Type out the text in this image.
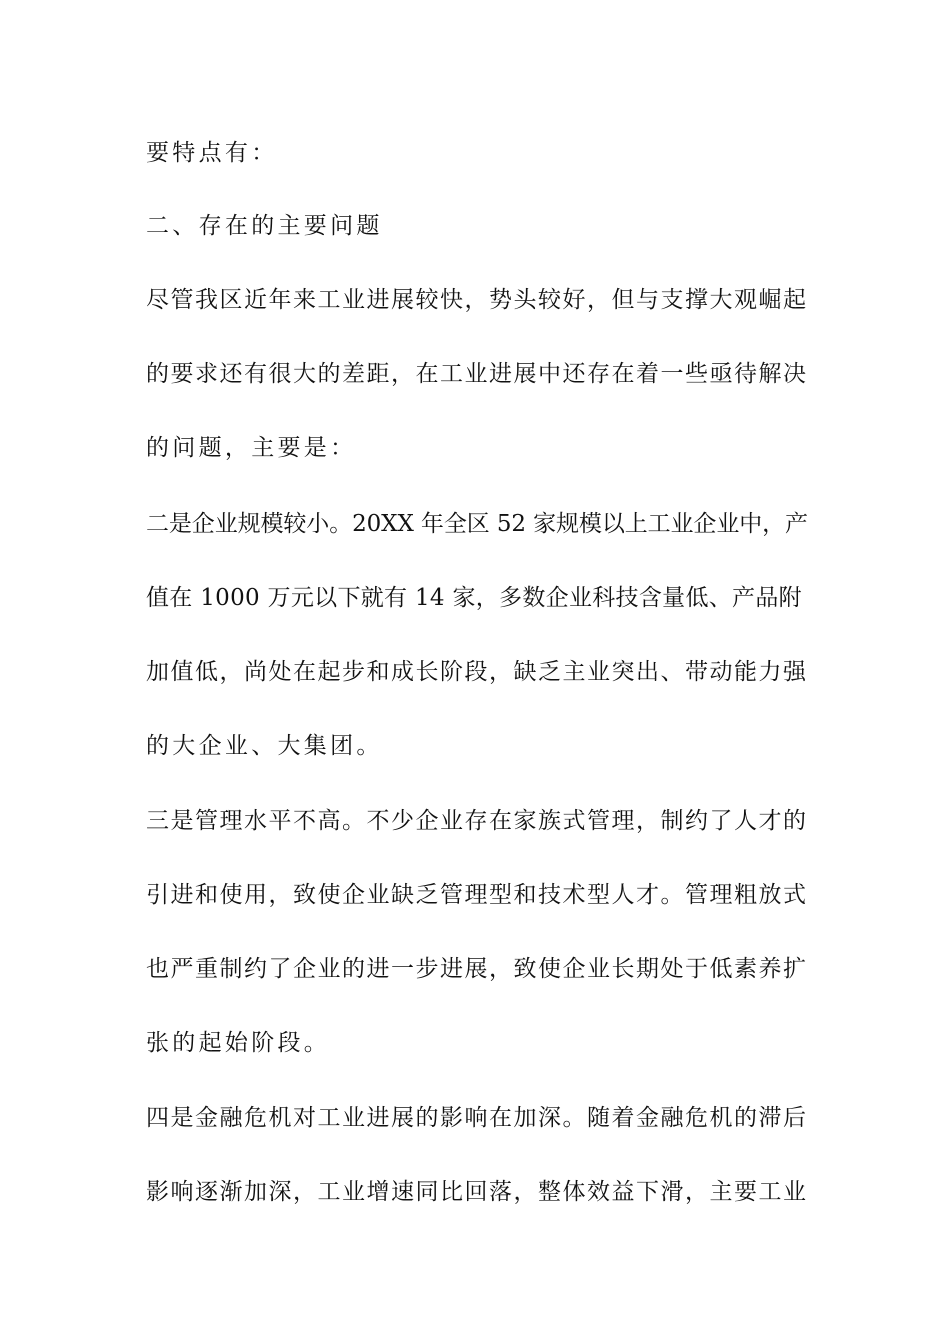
要特点有：
二、存在的主要问题
尽管我区近年来工业进展较快，势头较好，但与支撑大观崛起
的要求还有很大的差距，在工业进展中还存在着一些亟待解决
的问题，主要是：
二是企业规模较小。20XX 年全区 52 家规模以上工业企业中，产
值在 1000 万元以下就有 14 家，多数企业科技含量低、产品附
加值低，尚处在起步和成长阶段，缺乏主业突出、带动能力强
的大企业、大集团。
三是管理水平不高。不少企业存在家族式管理，制约了人才的
引进和使用，致使企业缺乏管理型和技术型人才。管理粗放式
也严重制约了企业的进一步进展，致使企业长期处于低素养扩
张的起始阶段。
四是金融危机对工业进展的影响在加深。随着金融危机的滞后
影响逐渐加深，工业增速同比回落，整体效益下滑，主要工业
